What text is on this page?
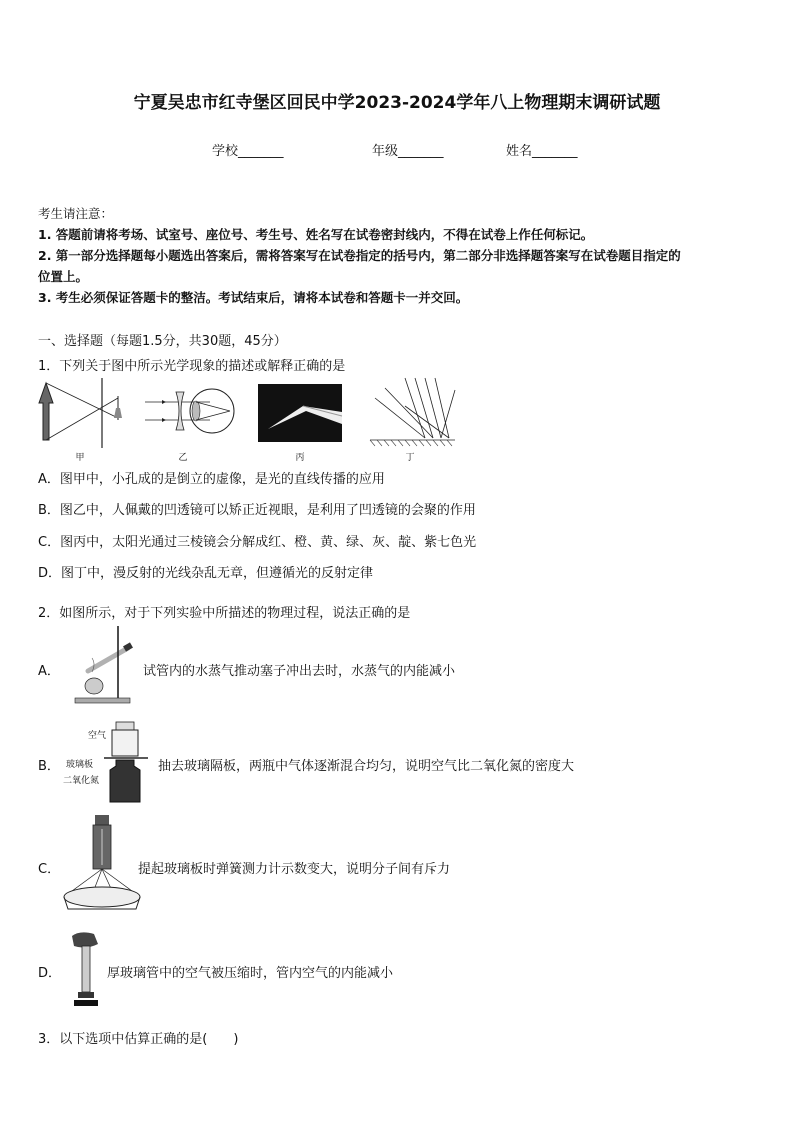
宁夏吴忠市红寺堡区回民中学2023-2024学年八上物理期末调研试题
学校_______	年级_______	姓名_______
考生请注意：
1. 答题前请将考场、试室号、座位号、考生号、姓名写在试卷密封线内，不得在试卷上作任何标记。
2. 第一部分选择题每小题选出答案后，需将答案写在试卷指定的括号内，第二部分非选择题答案写在试卷题目指定的
位置上。
3. 考生必须保证答题卡的整洁。考试结束后，请将本试卷和答题卡一并交回。
一、选择题（每题1.5分，共30题，45分）
1．下列关于图中所示光学现象的描述或解释正确的是
甲	乙	丙	丁
A．图甲中，小孔成的是倒立的虚像，是光的直线传播的应用
B．图乙中，人佩戴的凹透镜可以矫正近视眼，是利用了凹透镜的会聚的作用
C．图丙中，太阳光通过三棱镜会分解成红、橙、黄、绿、灰、靛、紫七色光
D．图丁中，漫反射的光线杂乱无章，但遵循光的反射定律
2．如图所示，对于下列实验中所描述的物理过程，说法正确的是
A．	试管内的水蒸气推动塞子冲出去时，水蒸气的内能减小
B．
空气
玻璃板
二氧化氮
抽去玻璃隔板，两瓶中气体逐渐混合均匀，说明空气比二氧化氮的密度大
C．	提起玻璃板时弹簧测力计示数变大，说明分子间有斥力
D．	厚玻璃管中的空气被压缩时，管内空气的内能减小
3．以下选项中估算正确的是(　　)
